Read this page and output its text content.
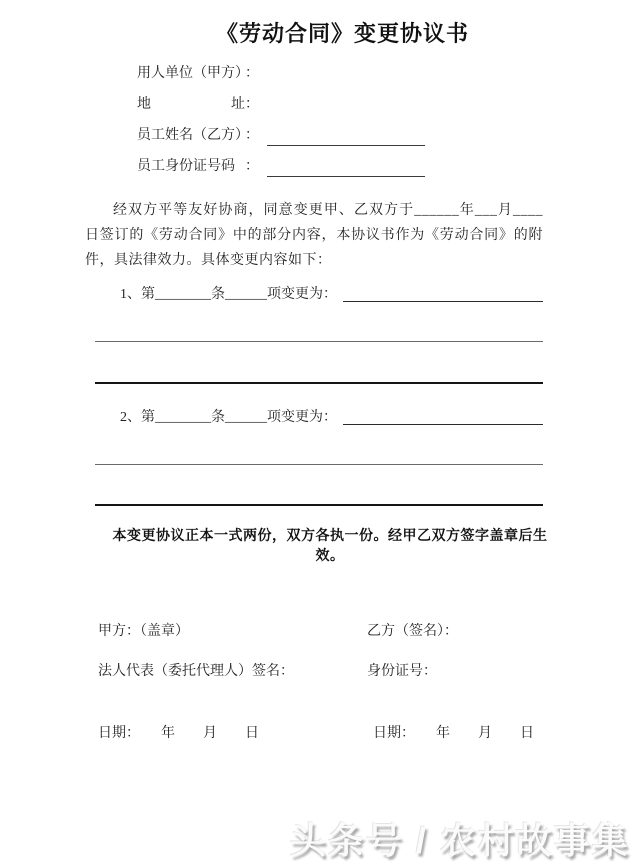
《劳动合同》变更协议书
用人单位（甲方）：
地址：
员工姓名（乙方）：
员工身份证号码 ：
经双方平等友好协商，同意变更甲、乙双方于______年___月____日签订的《劳动合同》中的部分内容，本协议书作为《劳动合同》的附件，具法律效力。具体变更内容如下：
1、第________条______项变更为：
2、第________条______项变更为：
本变更协议正本一式两份，双方各执一份。经甲乙双方签字盖章后生效。
甲方：（盖章）	乙方（签名）：
法人代表（委托代理人）签名：	身份证号：
日期：　　年　　月　　日	日期：　　年　　月　　日
头条号 / 农村故事集
